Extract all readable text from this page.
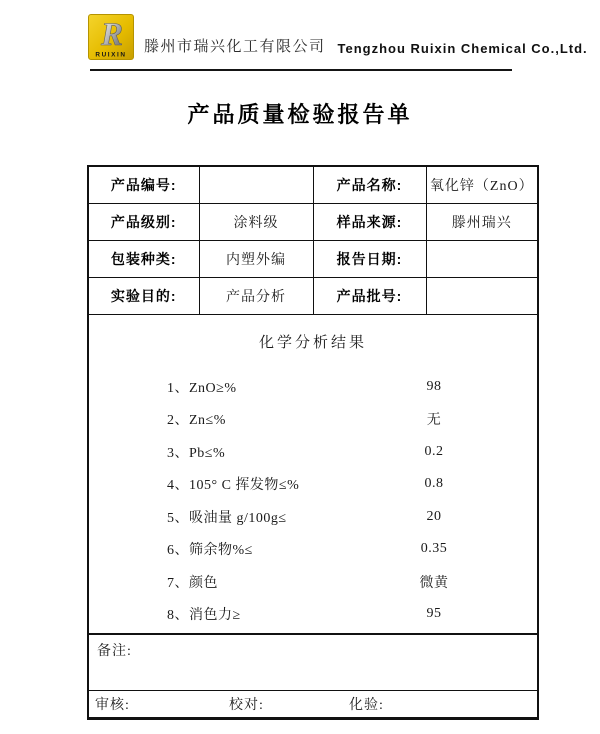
R
RUIXIN 滕州市瑞兴化工有限公司 Tengzhou Ruixin Chemical Co.,Ltd.
产品质量检验报告单
产品编号:		产品名称:	氧化锌（ZnO）
产品级别:	涂料级	样品来源:	滕州瑞兴
包装种类:	内塑外编	报告日期:	
实验目的:	产品分析	产品批号:	

化学分析结果
1、ZnO≥%	98
2、Zn≤%	无
3、Pb≤%	0.2
4、105° C 挥发物≤%	0.8
5、吸油量 g/100g≤	20
6、筛余物%≤	0.35
7、颜色	微黄
8、消色力≥	95

备注:			

审核: 校对: 化验:			
